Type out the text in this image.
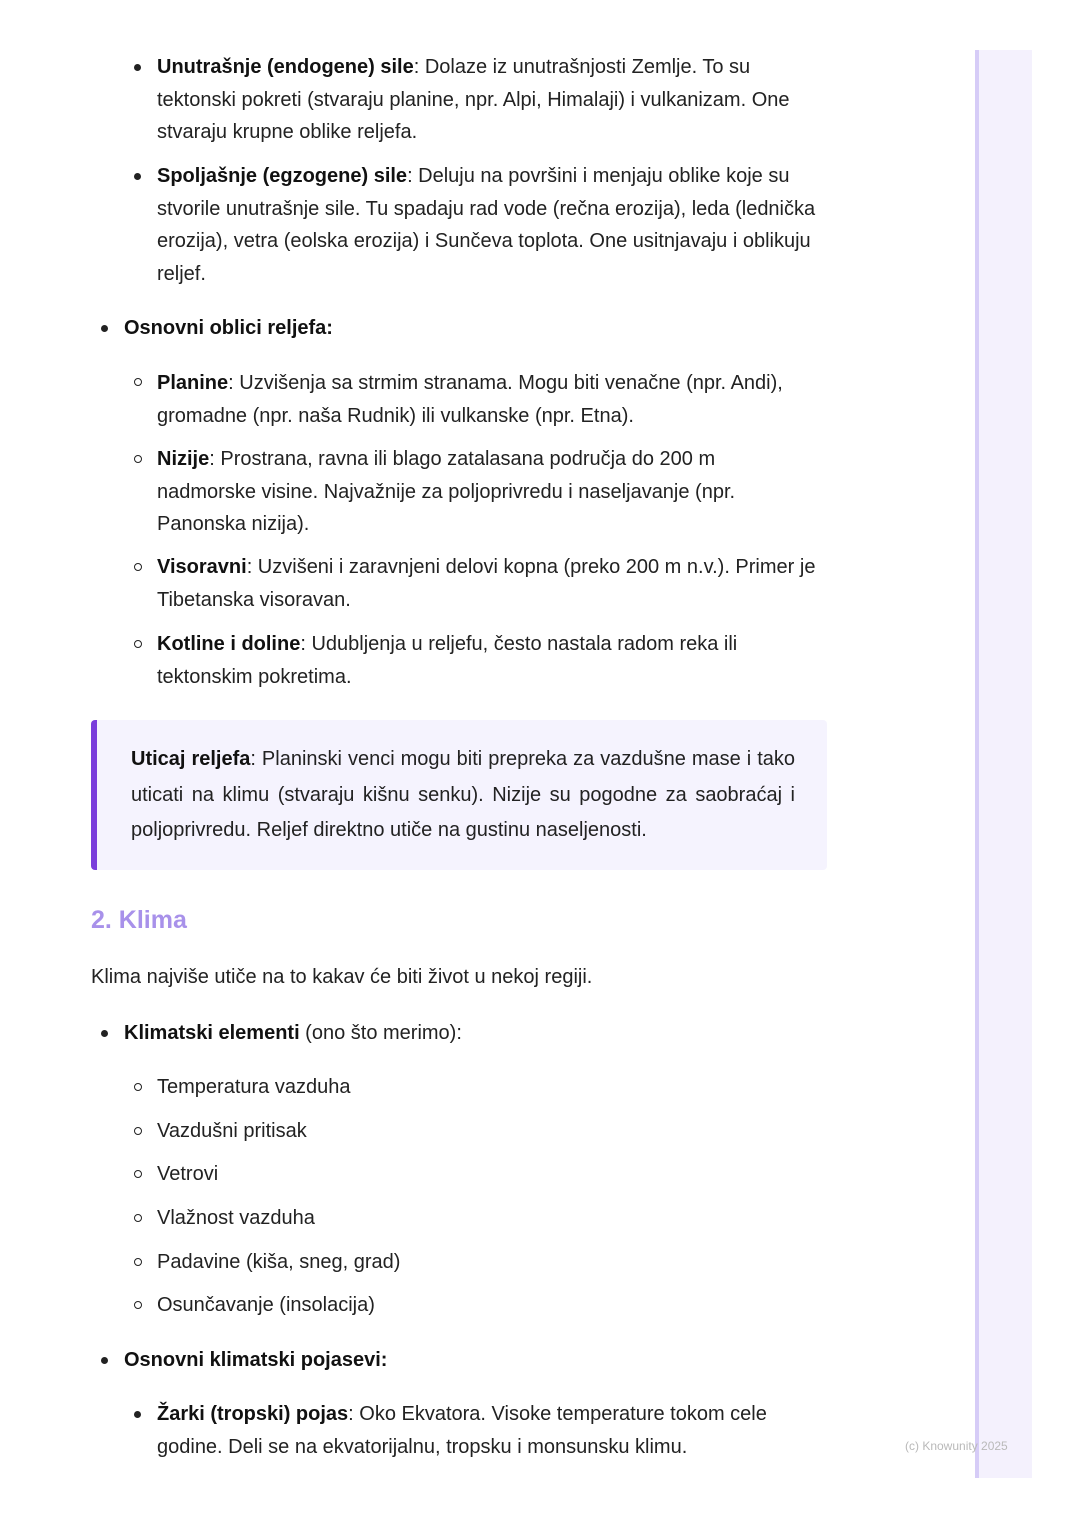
Unutrašnje (endogene) sile: Dolaze iz unutrašnjosti Zemlje. To su
tektonski pokreti (stvaraju planine, npr. Alpi, Himalaji) i vulkanizam. One
stvaraju krupne oblike reljefa.
Spoljašnje (egzogene) sile: Deluju na površini i menjaju oblike koje su
stvorile unutrašnje sile. Tu spadaju rad vode (rečna erozija), leda (lednička
erozija), vetra (eolska erozija) i Sunčeva toplota. One usitnjavaju i oblikuju
reljef.
Osnovni oblici reljefa:
Planine: Uzvišenja sa strmim stranama. Mogu biti venačne (npr. Andi),
gromadne (npr. naša Rudnik) ili vulkanske (npr. Etna).
Nizije: Prostrana, ravna ili blago zatalasana područja do 200 m
nadmorske visine. Najvažnije za poljoprivredu i naseljavanje (npr.
Panonska nizija).
Visoravni: Uzvišeni i zaravnjeni delovi kopna (preko 200 m n.v.). Primer je
Tibetanska visoravan.
Kotline i doline: Udubljenja u reljefu, često nastala radom reka ili
tektonskim pokretima.
Uticaj reljefa: Planinski venci mogu biti prepreka za vazdušne mase i tako uticati na klimu (stvaraju kišnu senku). Nizije su pogodne za saobraćaj i poljoprivredu. Reljef direktno utiče na gustinu naseljenosti.
2. Klima
Klima najviše utiče na to kakav će biti život u nekoj regiji.
Klimatski elementi (ono što merimo):
Temperatura vazduha
Vazdušni pritisak
Vetrovi
Vlažnost vazduha
Padavine (kiša, sneg, grad)
Osunčavanje (insolacija)
Osnovni klimatski pojasevi:
Žarki (tropski) pojas: Oko Ekvatora. Visoke temperature tokom cele
godine. Deli se na ekvatorijalnu, tropsku i monsunsku klimu.	(c) Knowunity 2025
